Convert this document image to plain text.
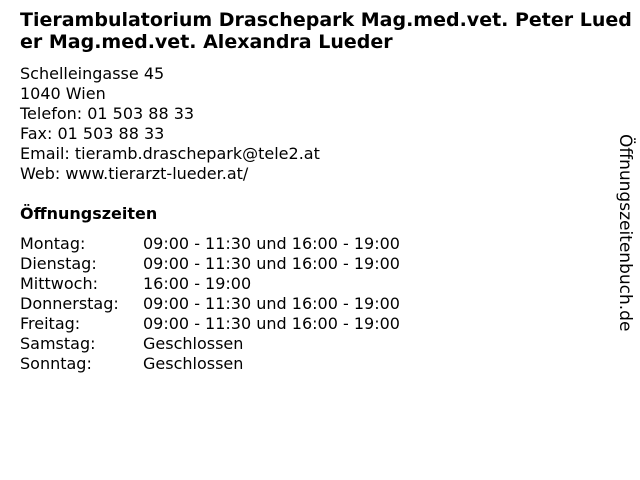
Tierambulatorium Draschepark Mag.med.vet. Peter Lueder Mag.med.vet. Alexandra Lueder
Schelleingasse 45
1040 Wien
Telefon: 01 503 88 33
Fax: 01 503 88 33
Email: tieramb.draschepark@tele2.at
Web: www.tierarzt-lueder.at/
Öffnungszeiten
Montag:	09:00 - 11:30 und 16:00 - 19:00
Dienstag:	09:00 - 11:30 und 16:00 - 19:00
Mittwoch:	16:00 - 19:00
Donnerstag:	09:00 - 11:30 und 16:00 - 19:00
Freitag:	09:00 - 11:30 und 16:00 - 19:00
Samstag:	Geschlossen
Sonntag:	Geschlossen
Öffnungszeitenbuch.de
